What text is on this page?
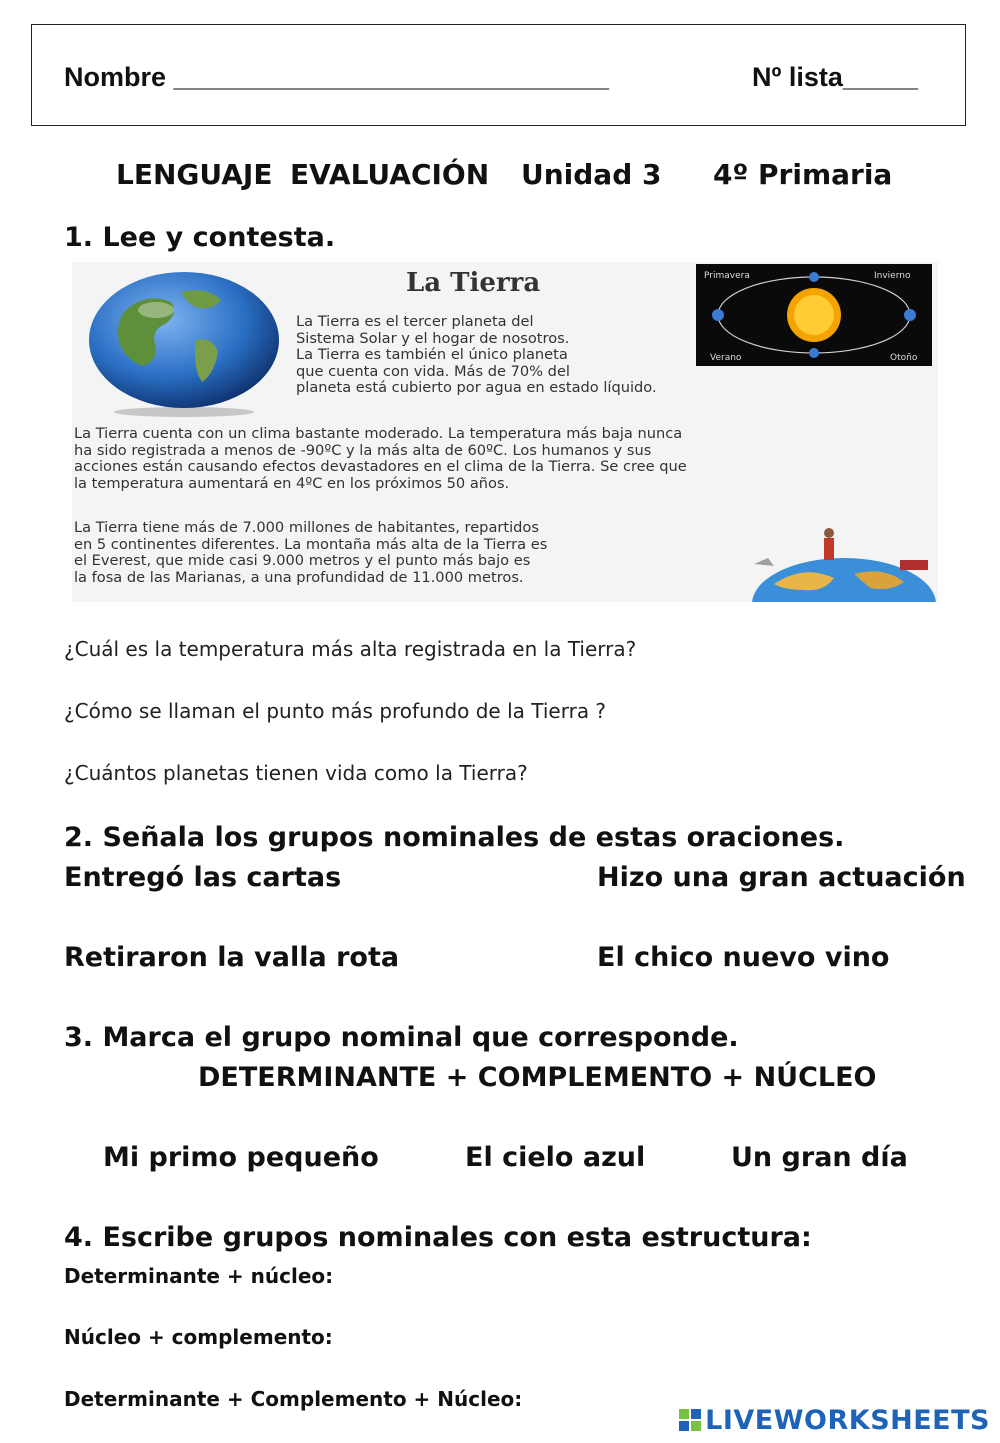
Nombre _____________________________	Nº lista_____
LENGUAJE EVALUACIÓN Unidad 3 4º Primaria
1. Lee y contesta.
La Tierra
La Tierra es el tercer planeta del
Sistema Solar y el hogar de nosotros.
La Tierra es también el único planeta
que cuenta con vida. Más de 70% del
planeta está cubierto por agua en estado líquido.
Primavera	Invierno
Verano	Otoño
La Tierra cuenta con un clima bastante moderado. La temperatura más baja nunca
ha sido registrada a menos de -90ºC y la más alta de 60ºC. Los humanos y sus
acciones están causando efectos devastadores en el clima de la Tierra. Se cree que
la temperatura aumentará en 4ºC en los próximos 50 años.
La Tierra tiene más de 7.000 millones de habitantes, repartidos
en 5 continentes diferentes. La montaña más alta de la Tierra es
el Everest, que mide casi 9.000 metros y el punto más bajo es
la fosa de las Marianas, a una profundidad de 11.000 metros.
¿Cuál es la temperatura más alta registrada en la Tierra?
¿Cómo se llaman el punto más profundo de la Tierra ?
¿Cuántos planetas tienen vida como la Tierra?
2. Señala los grupos nominales de estas oraciones.
Entregó las cartas	Hizo una gran actuación
Retiraron la valla rota	El chico nuevo vino
3. Marca el grupo nominal que corresponde.
DETERMINANTE + COMPLEMENTO + NÚCLEO
Mi primo pequeño	El cielo azul	Un gran día
4. Escribe grupos nominales con esta estructura:
Determinante + núcleo:
Núcleo + complemento:
Determinante + Complemento + Núcleo:
LIVEWORKSHEETS
